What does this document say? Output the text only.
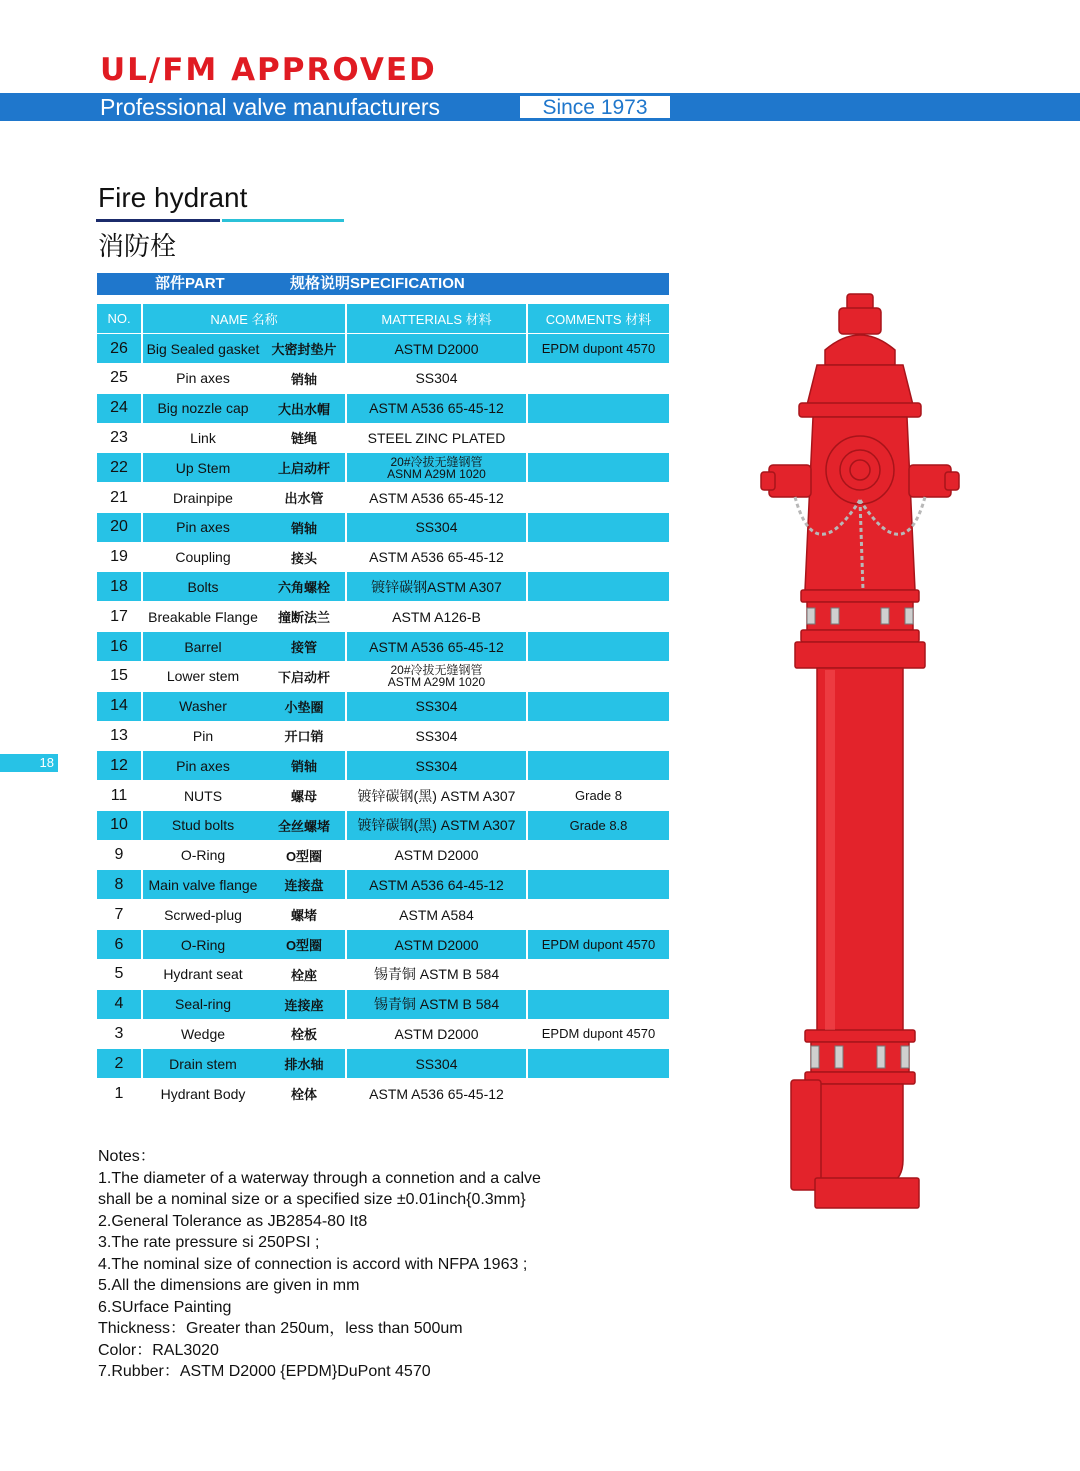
UL/FM APPROVED
Professional valve manufacturers	Since 1973
Fire hydrant
消防栓
部件PART	规格说明SPECIFICATION
NO.	NAME 名称	MATTERIALS 材料	COMMENTS 材料
26	Big Sealed gasket 大密封垫片	ASTM D2000	EPDM dupont 4570
25	Pin axes	销轴	SS304
24	Big nozzle cap	大出水帽	ASTM A536 65-45-12
23	Link	链绳	STEEL ZINC PLATED
22	Up Stem	上启动杆	20#冷拔无缝钢管
ASNM A29M 1020
21	Drainpipe	出水管	ASTM A536 65-45-12
20	Pin axes	销轴	SS304
19	Coupling	接头	ASTM A536 65-45-12
18	Bolts	六角螺栓	镀锌碳钢ASTM A307
17	Breakable Flange	撞断法兰	ASTM A126-B
16	Barrel	接管	ASTM A536 65-45-12
15	Lower stem	下启动杆	20#冷拔无缝钢管
ASTM A29M 1020
14	Washer	小垫圈	SS304
13	Pin	开口销	SS304
12	Pin axes	销轴	SS304
11	NUTS	螺母	镀锌碳钢(黑) ASTM A307	Grade 8
10	Stud bolts	全丝螺堵	镀锌碳钢(黑) ASTM A307	Grade 8.8
9	O-Ring	O型圈	ASTM D2000
8	Main valve flange	连接盘	ASTM A536 64-45-12
7	Scrwed-plug	螺堵	ASTM A584
6	O-Ring	O型圈	ASTM D2000	EPDM dupont 4570
5	Hydrant seat	栓座	锡青铜 ASTM B 584
4	Seal-ring	连接座	锡青铜 ASTM B 584
3	Wedge	栓板	ASTM D2000	EPDM dupont 4570
2	Drain stem	排水轴	SS304
1	Hydrant Body	栓体	ASTM A536 65-45-12
18
Notes：
1.The diameter of a waterway through a connetion and a calve
shall be a nominal size or a specified size ±0.01inch{0.3mm}
2.General Tolerance as JB2854-80 It8
3.The rate pressure si 250PSI ;
4.The nominal size of connection is accord with NFPA 1963 ;
5.All the dimensions are given in mm
6.SUrface Painting
Thickness：Greater than 250um，less than 500um
Color：RAL3020
7.Rubber：ASTM D2000 {EPDM}DuPont 4570
